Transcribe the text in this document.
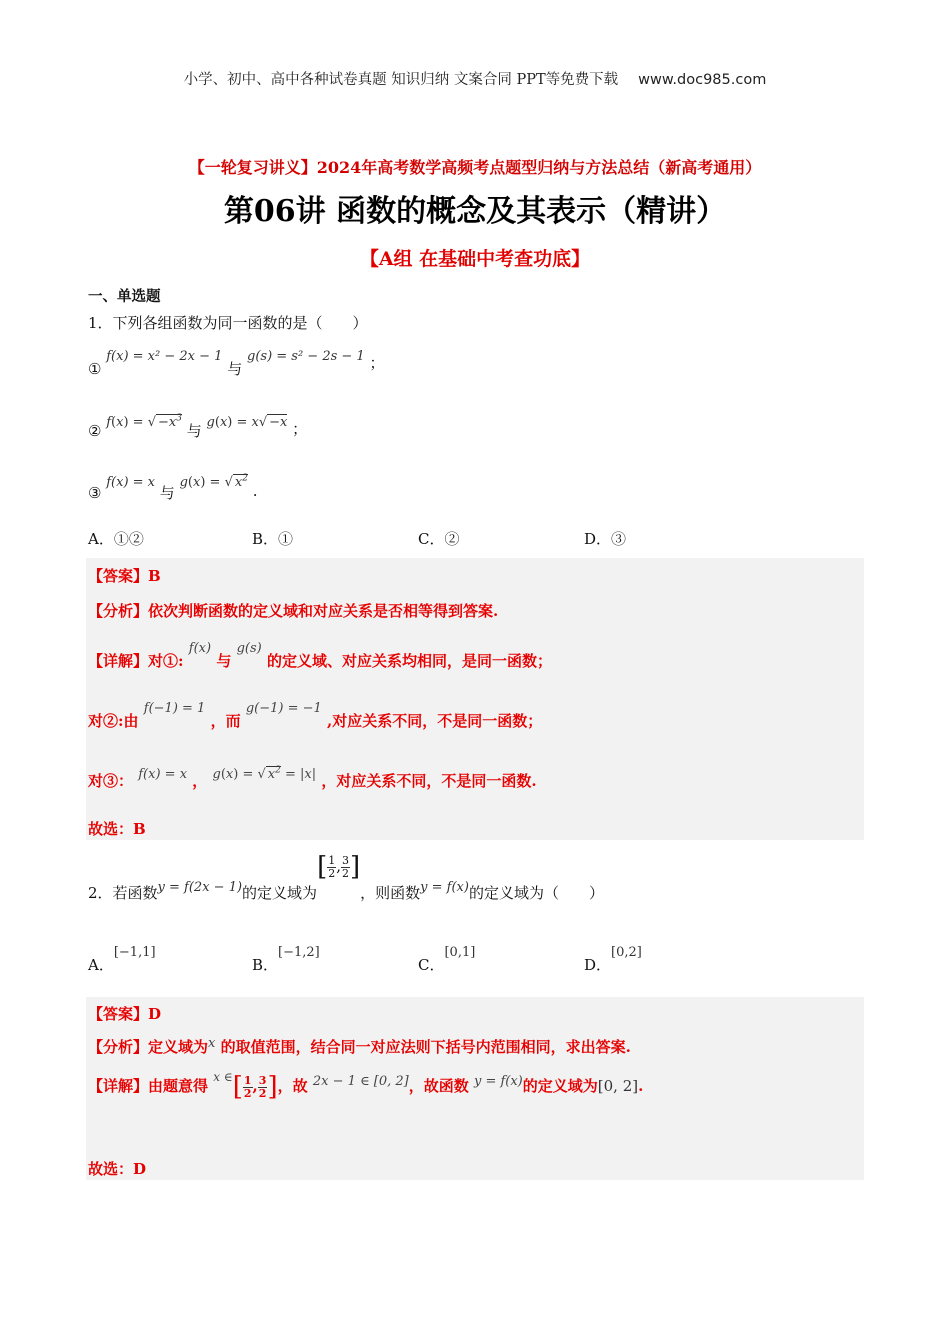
小学、初中、高中各种试卷真题 知识归纳 文案合同 PPT等免费下载 www.doc985.com
【一轮复习讲义】2024年高考数学高频考点题型归纳与方法总结（新高考通用）
第06讲 函数的概念及其表示（精讲）
【A组 在基础中考查功底】
一、单选题
1．下列各组函数为同一函数的是（　　）
① f(x) = x² − 2x − 1 与 g(s) = s² − 2s − 1 ；
② f(x) = √ $-x^3$ 与 g(x) = x√ −x ；
③ f(x) = x 与 g(x) = √ $x^2$ .
A．①②	B．①	C．②	D．③
【答案】B
【分析】依次判断函数的定义域和对应关系是否相等得到答案.
【详解】对①: f(x) 与 g(s) 的定义域、对应关系均相同，是同一函数；
对②:由 f(−1) = 1 ，而 g(−1) = −1 ,对应关系不同，不是同一函数；
对③： f(x) = x ， g(x) = √ $x^2 = |x|$ ，对应关系不同，不是同一函数.
故选：B
2．若函数y = f(2x − 1)的定义域为[ $\frac{1}{2}$ , $\frac{3}{2}$ ]，则函数y = f(x)的定义域为（　　）
A．[−1,1]
B．[−1,2]
C．[0,1]
D．[0,2]
【答案】D
【分析】定义域为x 的取值范围，结合同一对应法则下括号内范围相同，求出答案.
【详解】由题意得 $^{x \in}[ \frac{1}{2}$ , $\frac{3}{2}$ ]，故 2x − 1 ∈ [0, 2]，故函数 y = f(x)的定义域为[0, 2].
故选：D
